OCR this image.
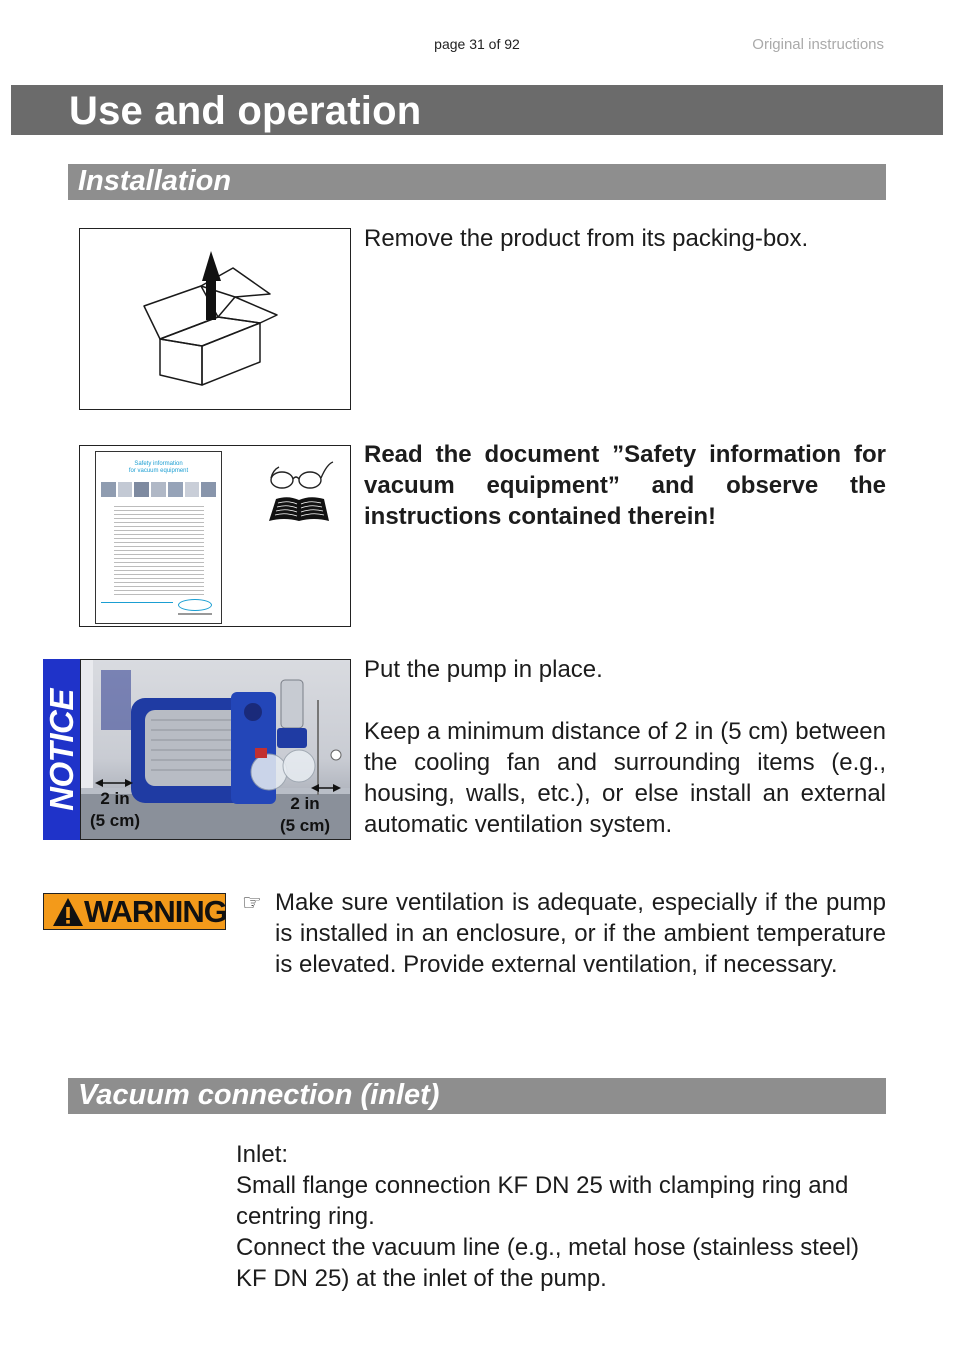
page 31 of 92	Original instructions
Use and operation
Installation
Remove the product from its packing-box.
Safety information
for vacuum equipment
Read the document ”Safety information for vacuum equipment” and observe the instructions contained therein!
NOTICE	2 in
(5 cm)
2 in
(5 cm)
Put the pump in place.
Keep a minimum distance of 2 in (5 cm) between the cooling fan and surrounding items (e.g., housing, walls, etc.), or else install an external automatic ventilation system.
WARNING ☞ Make sure ventilation is adequate, especially if the pump is installed in an enclosure, or if the ambient temperature is elevated. Provide external ventilation, if necessary.
Vacuum connection (inlet)
Inlet:
Small flange connection KF DN 25 with clamping ring and centring ring.
Connect the vacuum line (e.g., metal hose (stainless steel) KF DN 25) at the inlet of the pump.
